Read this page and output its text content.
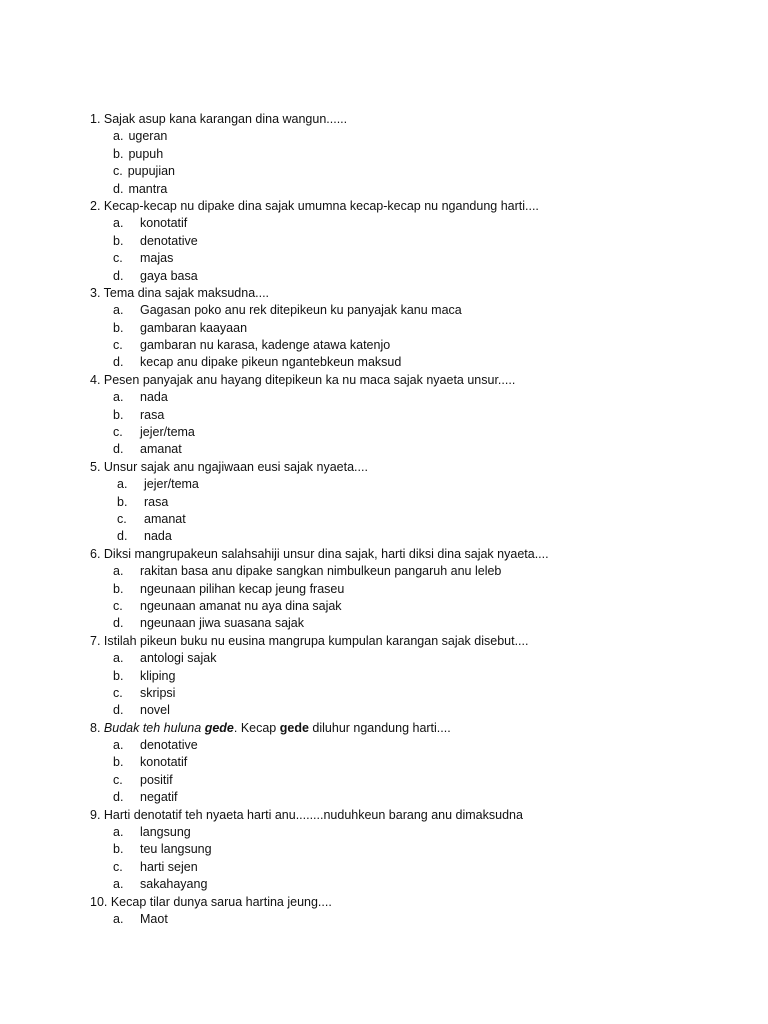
1. Sajak asup kana karangan dina wangun......
a. ugeran
b. pupuh
c. pupujian
d. mantra
2. Kecap-kecap nu dipake dina sajak umumna kecap-kecap nu ngandung harti....
a.	konotatif
b.	denotative
c.	majas
d.	gaya basa
3. Tema dina sajak maksudna....
a.	Gagasan poko anu rek ditepikeun ku panyajak kanu maca
b.	gambaran kaayaan
c.	gambaran nu karasa, kadenge atawa katenjo
d.	kecap anu dipake pikeun ngantebkeun maksud
4. Pesen panyajak anu hayang ditepikeun ka nu maca sajak nyaeta unsur.....
a.	nada
b.	rasa
c.	jejer/tema
d.	amanat
5. Unsur sajak anu ngajiwaan eusi sajak nyaeta....
a.	jejer/tema
b.	rasa
c.	amanat
d.	nada
6. Diksi mangrupakeun salahsahiji unsur dina sajak, harti diksi dina sajak nyaeta....
a.	rakitan basa anu dipake sangkan nimbulkeun pangaruh anu leleb
b.	ngeunaan pilihan kecap jeung fraseu
c.	ngeunaan amanat nu aya dina sajak
d.	ngeunaan jiwa suasana sajak
7. Istilah pikeun buku nu eusina mangrupa kumpulan karangan sajak disebut....
a.	antologi sajak
b.	kliping
c.	skripsi
d.	novel
8. Budak teh huluna gede. Kecap gede diluhur ngandung harti....
a.	denotative
b.	konotatif
c.	positif
d.	negatif
9. Harti denotatif teh nyaeta harti anu........nuduhkeun barang anu dimaksudna
a.	langsung
b.	teu langsung
c.	harti sejen
a.	sakahayang
10. Kecap tilar dunya sarua hartina jeung....
a.	Maot
